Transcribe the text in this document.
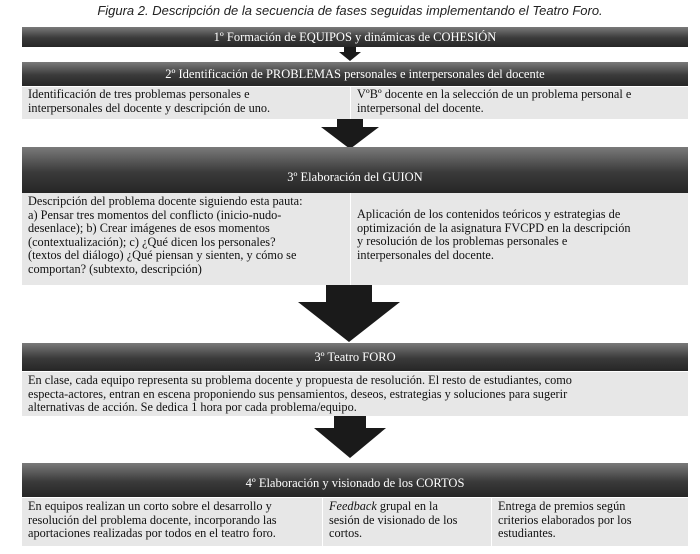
Figura 2. Descripción de la secuencia de fases seguidas implementando el Teatro Foro.
1º Formación de EQUIPOS y dinámicas de COHESIÓN
2º Identificación de PROBLEMAS personales e interpersonales del docente
Identificación de tres problemas personales e
interpersonales del docente y descripción de uno.
VºBº docente en la selección de un problema personal e
interpersonal del docente.
3º Elaboración del GUION
Descripción del problema docente siguiendo esta pauta:
a) Pensar tres momentos del conflicto (inicio-nudo-
desenlace); b) Crear imágenes de esos momentos
(contextualización); c) ¿Qué dicen los personales?
(textos del diálogo) ¿Qué piensan y sienten, y cómo se
comportan? (subtexto, descripción)
Aplicación de los contenidos teóricos y estrategias de
optimización de la asignatura FVCPD en la descripción
y resolución de los problemas personales e
interpersonales del docente.
3º Teatro FORO
En clase, cada equipo representa su problema docente y propuesta de resolución. El resto de estudiantes, como
especta-actores, entran en escena proponiendo sus pensamientos, deseos, estrategias y soluciones para sugerir
alternativas de acción. Se dedica 1 hora por cada problema/equipo.
4º Elaboración y visionado de los CORTOS
En equipos realizan un corto sobre el desarrollo y
resolución del problema docente, incorporando las
aportaciones realizadas por todos en el teatro foro.
Feedback grupal en la
sesión de visionado de los
cortos.
Entrega de premios según
criterios elaborados por los
estudiantes.
